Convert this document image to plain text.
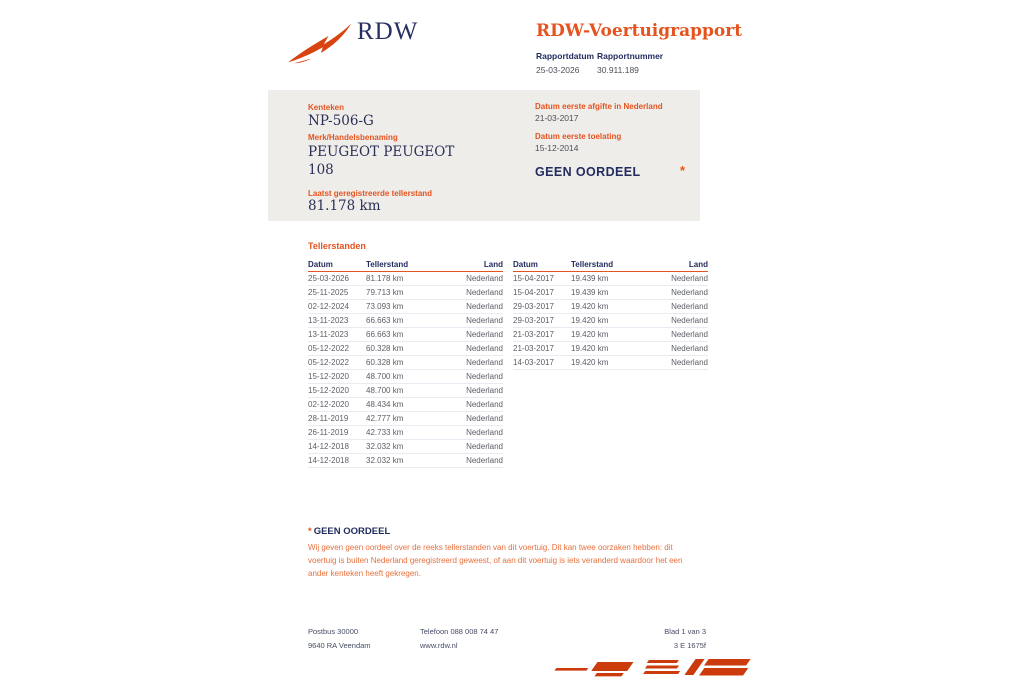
RDW	RDW-Voertuigrapport
Rapportdatum
25-03-2026
Rapportnummer
30.911.189
Kenteken
NP-506-G
Merk/Handelsbenaming
PEUGEOT PEUGEOT 108
Laatst geregistreerde tellerstand
81.178 km
Datum eerste afgifte in Nederland
21-03-2017
Datum eerste toelating
15-12-2014
GEEN OORDEEL	*
Tellerstanden
Datum	Tellerstand	Land
25-03-2026	81.178 km	Nederland
25-11-2025	79.713 km	Nederland
02-12-2024	73.093 km	Nederland
13-11-2023	66.663 km	Nederland
13-11-2023	66.663 km	Nederland
05-12-2022	60.328 km	Nederland
05-12-2022	60.328 km	Nederland
15-12-2020	48.700 km	Nederland
15-12-2020	48.700 km	Nederland
02-12-2020	48.434 km	Nederland
28-11-2019	42.777 km	Nederland
26-11-2019	42.733 km	Nederland
14-12-2018	32.032 km	Nederland
14-12-2018	32.032 km	Nederland
Datum	Tellerstand	Land
15-04-2017	19.439 km	Nederland
15-04-2017	19.439 km	Nederland
29-03-2017	19.420 km	Nederland
29-03-2017	19.420 km	Nederland
21-03-2017	19.420 km	Nederland
21-03-2017	19.420 km	Nederland
14-03-2017	19.420 km	Nederland
* GEEN OORDEEL
Wij geven geen oordeel over de reeks tellerstanden van dit voertuig. Dit kan twee oorzaken hebben: dit voertuig is buiten Nederland geregistreerd geweest, of aan dit voertuig is iets veranderd waardoor het een ander kenteken heeft gekregen.
Postbus 30000
9640 RA Veendam
Telefoon 088 008 74 47
www.rdw.nl
Blad 1 van 3
3 E 1675f
